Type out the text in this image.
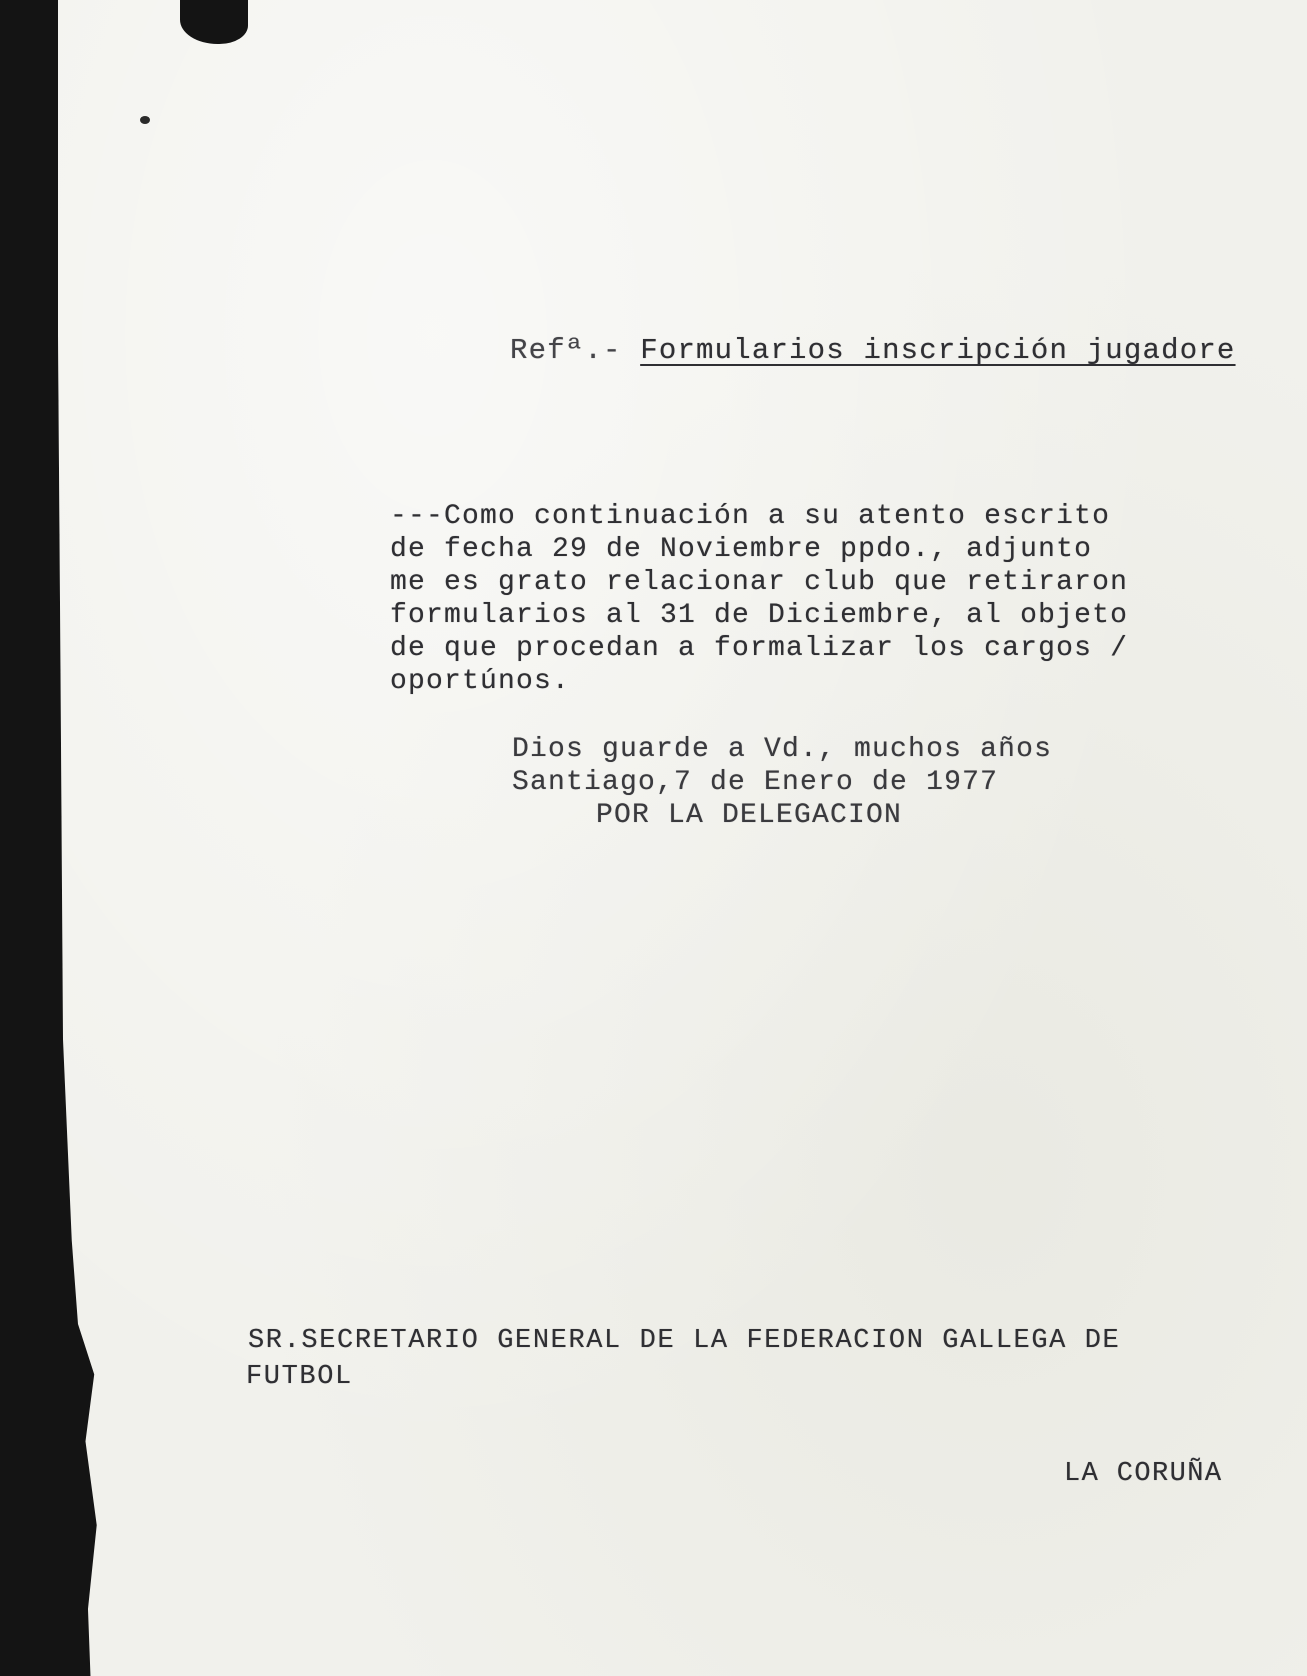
Refª.- Formularios inscripción jugadore
---Como continuación a su atento escrito
de fecha 29 de Noviembre ppdo., adjunto
me es grato relacionar club que retiraron
formularios al 31 de Diciembre, al objeto
de que procedan a formalizar los cargos /
oportúnos.
Dios guarde a Vd., muchos años
Santiago,7 de Enero de 1977
POR LA DELEGACION
SR.SECRETARIO GENERAL DE LA FEDERACION GALLEGA DE
FUTBOL
LA CORUÑA
